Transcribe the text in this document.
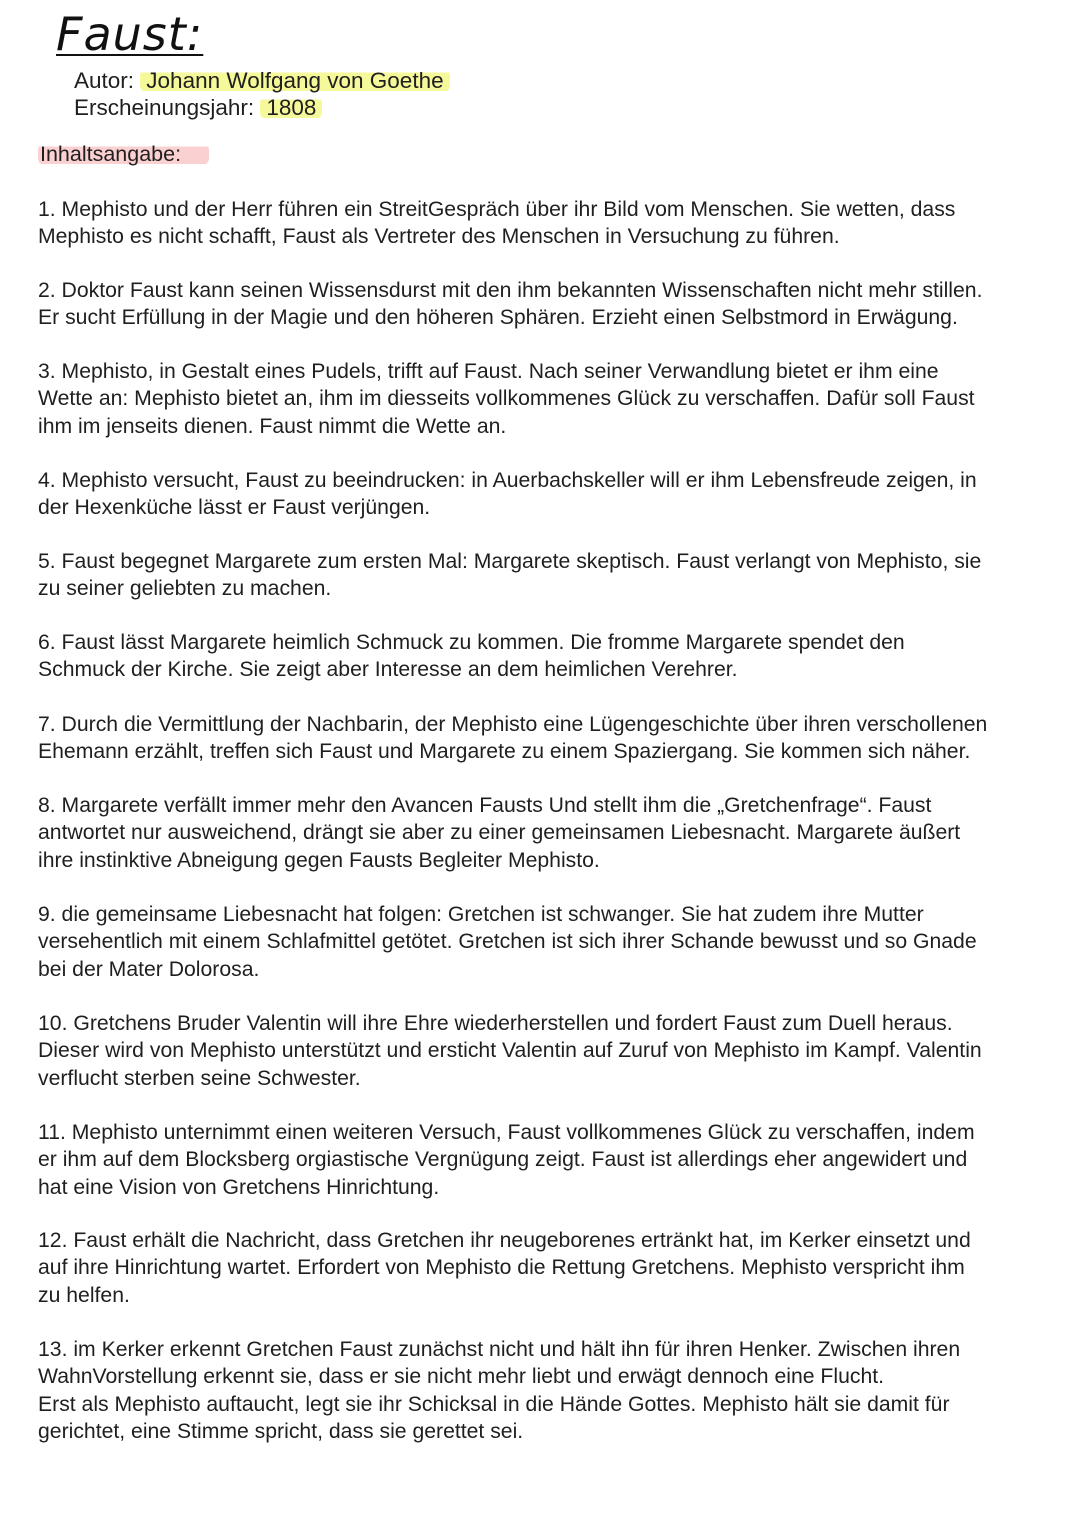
Faust:
Autor: Johann Wolfgang von Goethe
Erscheinungsjahr: 1808
Inhaltsangabe:
1. Mephisto und der Herr führen ein StreitGespräch über ihr Bild vom Menschen. Sie wetten, dass
Mephisto es nicht schafft, Faust als Vertreter des Menschen in Versuchung zu führen.
2. Doktor Faust kann seinen Wissensdurst mit den ihm bekannten Wissenschaften nicht mehr stillen.
Er sucht Erfüllung in der Magie und den höheren Sphären. Erzieht einen Selbstmord in Erwägung.
3. Mephisto, in Gestalt eines Pudels, trifft auf Faust. Nach seiner Verwandlung bietet er ihm eine
Wette an: Mephisto bietet an, ihm im diesseits vollkommenes Glück zu verschaffen. Dafür soll Faust
ihm im jenseits dienen. Faust nimmt die Wette an.
4. Mephisto versucht, Faust zu beeindrucken: in Auerbachskeller will er ihm Lebensfreude zeigen, in
der Hexenküche lässt er Faust verjüngen.
5. Faust begegnet Margarete zum ersten Mal: Margarete skeptisch. Faust verlangt von Mephisto, sie
zu seiner geliebten zu machen.
6. Faust lässt Margarete heimlich Schmuck zu kommen. Die fromme Margarete spendet den
Schmuck der Kirche. Sie zeigt aber Interesse an dem heimlichen Verehrer.
7. Durch die Vermittlung der Nachbarin, der Mephisto eine Lügengeschichte über ihren verschollenen
Ehemann erzählt, treffen sich Faust und Margarete zu einem Spaziergang. Sie kommen sich näher.
8. Margarete verfällt immer mehr den Avancen Fausts Und stellt ihm die „Gretchenfrage“. Faust
antwortet nur ausweichend, drängt sie aber zu einer gemeinsamen Liebesnacht. Margarete äußert
ihre instinktive Abneigung gegen Fausts Begleiter Mephisto.
9. die gemeinsame Liebesnacht hat folgen: Gretchen ist schwanger. Sie hat zudem ihre Mutter
versehentlich mit einem Schlafmittel getötet. Gretchen ist sich ihrer Schande bewusst und so Gnade
bei der Mater Dolorosa.
10. Gretchens Bruder Valentin will ihre Ehre wiederherstellen und fordert Faust zum Duell heraus.
Dieser wird von Mephisto unterstützt und ersticht Valentin auf Zuruf von Mephisto im Kampf. Valentin
verflucht sterben seine Schwester.
11. Mephisto unternimmt einen weiteren Versuch, Faust vollkommenes Glück zu verschaffen, indem
er ihm auf dem Blocksberg orgiastische Vergnügung zeigt. Faust ist allerdings eher angewidert und
hat eine Vision von Gretchens Hinrichtung.
12. Faust erhält die Nachricht, dass Gretchen ihr neugeborenes ertränkt hat, im Kerker einsetzt und
auf ihre Hinrichtung wartet. Erfordert von Mephisto die Rettung Gretchens. Mephisto verspricht ihm
zu helfen.
13. im Kerker erkennt Gretchen Faust zunächst nicht und hält ihn für ihren Henker. Zwischen ihren
WahnVorstellung erkennt sie, dass er sie nicht mehr liebt und erwägt dennoch eine Flucht.
Erst als Mephisto auftaucht, legt sie ihr Schicksal in die Hände Gottes. Mephisto hält sie damit für
gerichtet, eine Stimme spricht, dass sie gerettet sei.
